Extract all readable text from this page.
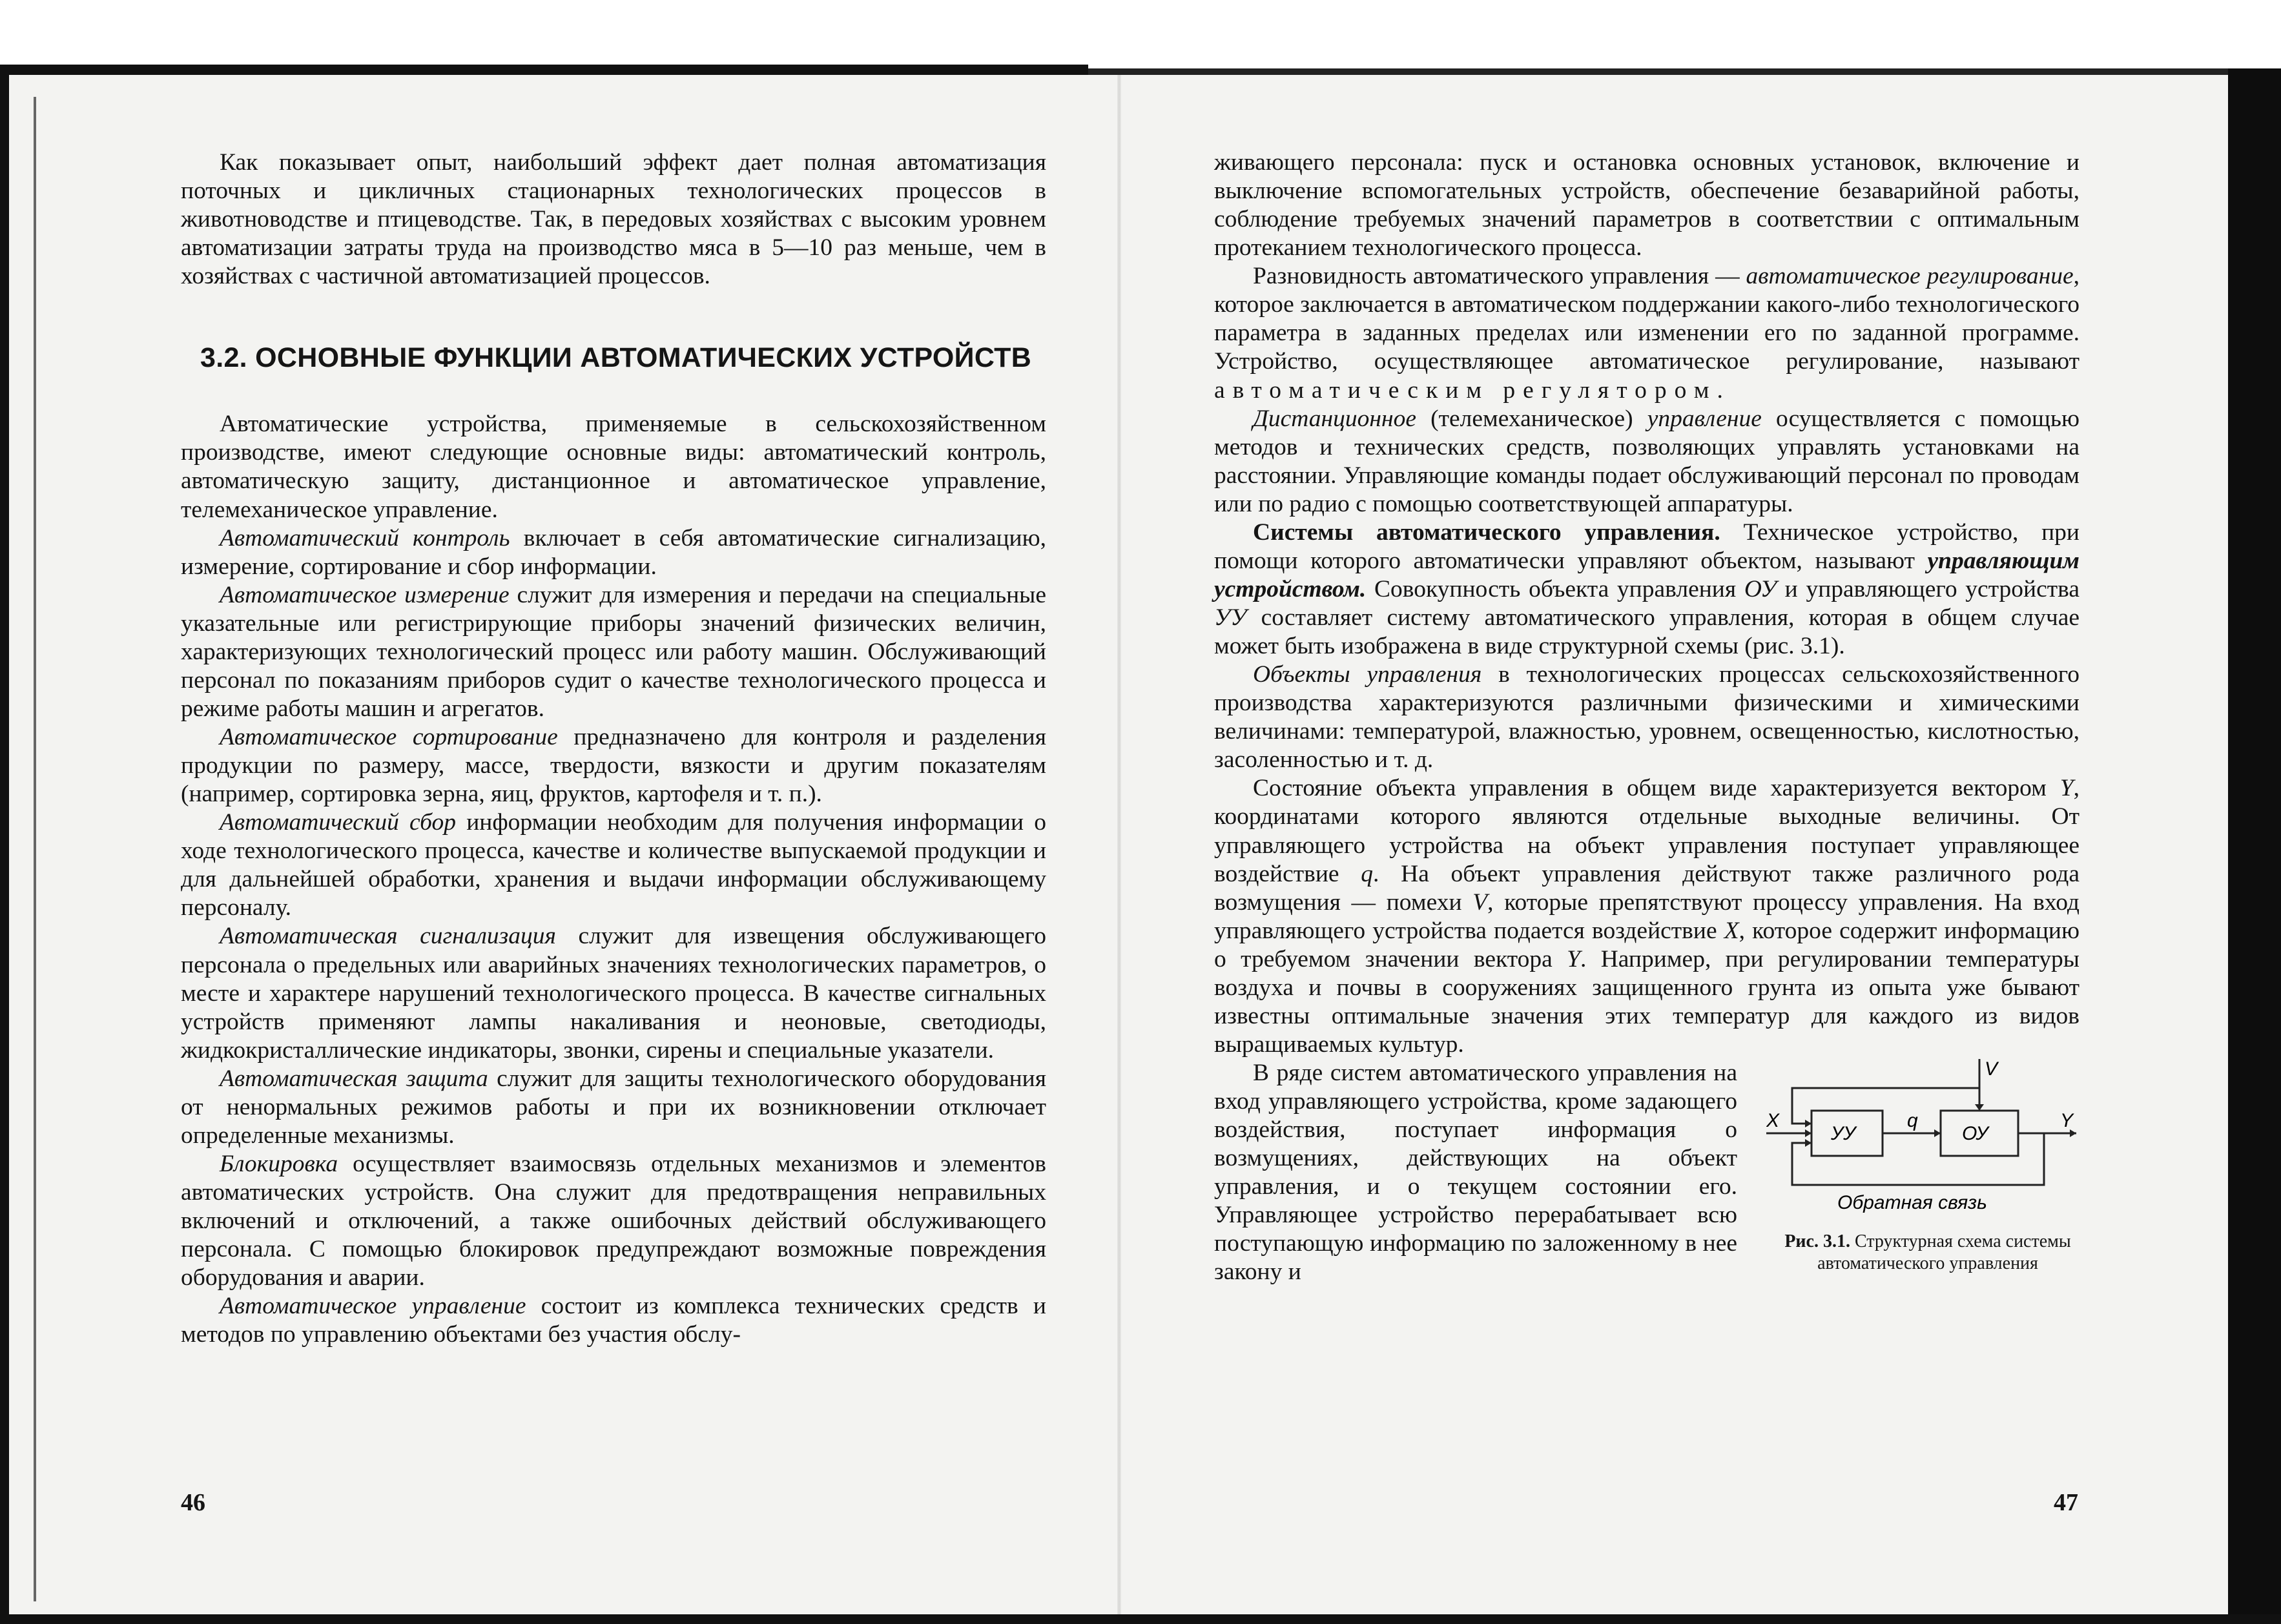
Как показывает опыт, наибольший эффект дает полная автоматизация поточных и цикличных стационарных технологических процессов в животноводстве и птицеводстве. Так, в передовых хозяйствах с высоким уровнем автоматизации затраты труда на производство мяса в 5—10 раз меньше, чем в хозяйствах с частичной автоматизацией процессов.

3.2. ОСНОВНЫЕ ФУНКЦИИ АВТОМАТИЧЕСКИХ УСТРОЙСТВ

Автоматические устройства, применяемые в сельскохозяйственном производстве, имеют следующие основные виды: автоматический контроль, автоматическую защиту, дистанционное и автоматическое управление, телемеханическое управление.

Автоматический контроль включает в себя автоматические сигнализацию, измерение, сортирование и сбор информации.

Автоматическое измерение служит для измерения и передачи на специальные указательные или регистрирующие приборы значений физических величин, характеризующих технологический процесс или работу машин. Обслуживающий персонал по показаниям приборов судит о качестве технологического процесса и режиме работы машин и агрегатов.

Автоматическое сортирование предназначено для контроля и разделения продукции по размеру, массе, твердости, вязкости и другим показателям (например, сортировка зерна, яиц, фруктов, картофеля и т. п.).

Автоматический сбор информации необходим для получения информации о ходе технологического процесса, качестве и количестве выпускаемой продукции и для дальнейшей обработки, хранения и выдачи информации обслуживающему персоналу.

Автоматическая сигнализация служит для извещения обслуживающего персонала о предельных или аварийных значениях технологических параметров, о месте и характере нарушений технологического процесса. В качестве сигнальных устройств применяют лампы накаливания и неоновые, светодиоды, жидкокристаллические индикаторы, звонки, сирены и специальные указатели.

Автоматическая защита служит для защиты технологического оборудования от ненормальных режимов работы и при их возникновении отключает определенные механизмы.

Блокировка осуществляет взаимосвязь отдельных механизмов и элементов автоматических устройств. Она служит для предотвращения неправильных включений и отключений, а также ошибочных действий обслуживающего персонала. С помощью блокировок предупреждают возможные повреждения оборудования и аварии.

Автоматическое управление состоит из комплекса технических средств и методов по управлению объектами без участия обслу-

46

живающего персонала: пуск и остановка основных установок, включение и выключение вспомогательных устройств, обеспечение безаварийной работы, соблюдение требуемых значений параметров в соответствии с оптимальным протеканием технологического процесса.

Разновидность автоматического управления — автоматическое регулирование, которое заключается в автоматическом поддержании какого-либо технологического параметра в заданных пределах или изменении его по заданной программе. Устройство, осуществляющее автоматическое регулирование, называют автоматическим регулятором.

Дистанционное (телемеханическое) управление осуществляется с помощью методов и технических средств, позволяющих управлять установками на расстоянии. Управляющие команды подает обслуживающий персонал по проводам или по радио с помощью соответствующей аппаратуры.

Системы автоматического управления. Техническое устройство, при помощи которого автоматически управляют объектом, называют управляющим устройством. Совокупность объекта управления ОУ и управляющего устройства УУ составляет систему автоматического управления, которая в общем случае может быть изображена в виде структурной схемы (рис. 3.1).

Объекты управления в технологических процессах сельскохозяйственного производства характеризуются различными физическими и химическими величинами: температурой, влажностью, уровнем, освещенностью, кислотностью, засоленностью и т. д.

Состояние объекта управления в общем виде характеризуется вектором Y, координатами которого являются отдельные выходные величины. От управляющего устройства на объект управления поступает управляющее воздействие q. На объект управления действуют также различного рода возмущения — помехи V, которые препятствуют процессу управления. На вход управляющего устройства подается воздействие X, которое содержит информацию о требуемом значении вектора Y. Например, при регулировании температуры воздуха и почвы в сооружениях защищенного грунта из опыта уже бывают известны оптимальные значения этих температур для каждого из видов выращиваемых культур.

В ряде систем автоматического управления на вход управляющего устройства, кроме задающего воздействия, поступает информация о возмущениях, действующих на объект управления, и о текущем состоянии его. Управляющее устройство перерабатывает всю поступающую информацию по заложенному в нее закону и

X
V
Y
q
УУ	ОУ
Обратная связь
Рис. 3.1. Структурная схема системы автоматического управления
47
